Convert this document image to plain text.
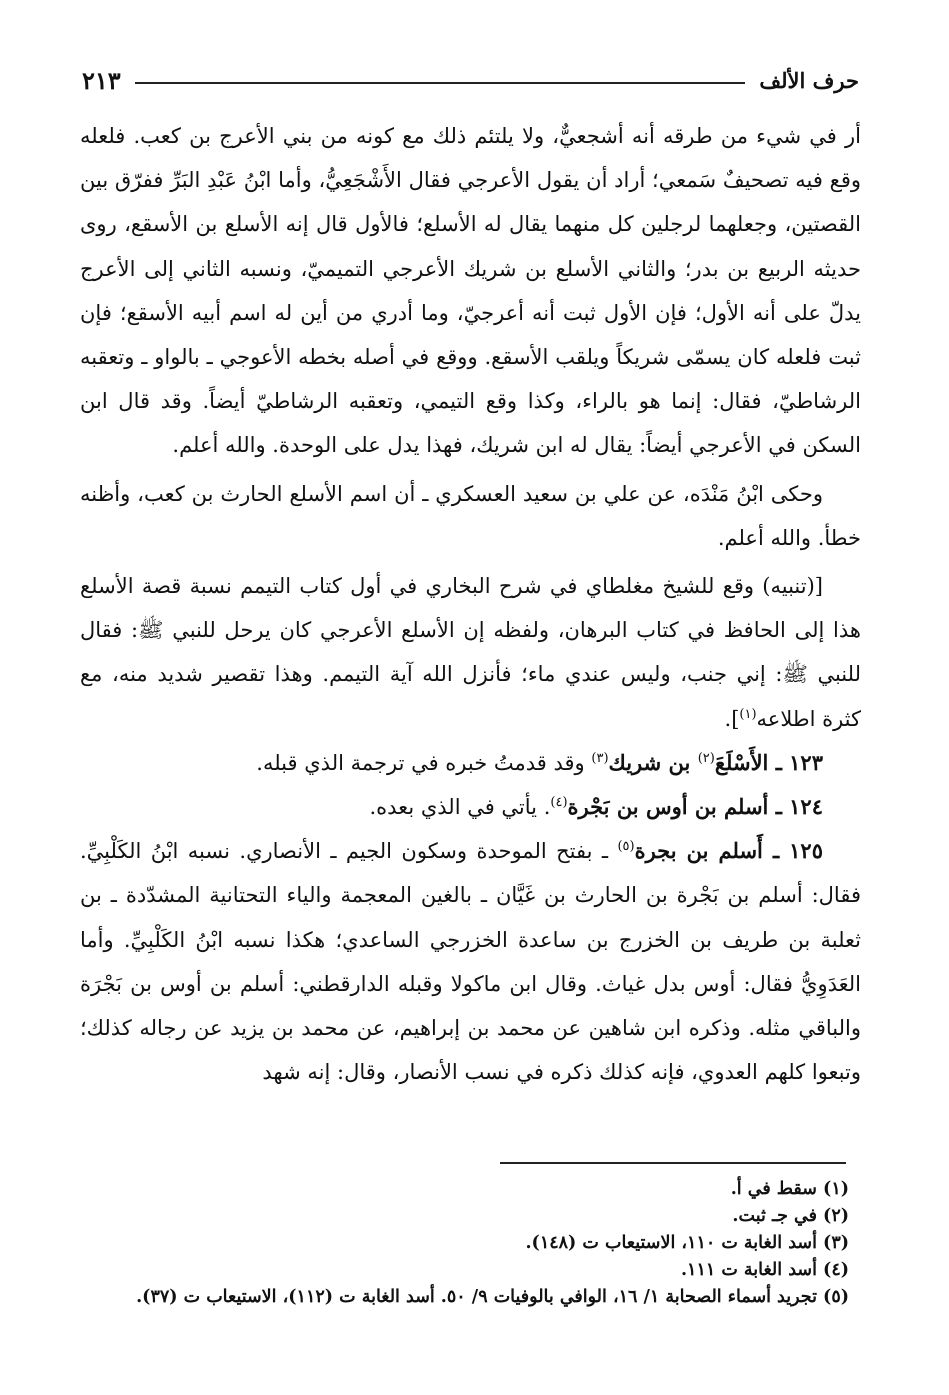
حرف الألف
٢١٣

أر في شيء من طرقه أنه أشجعيٌّ، ولا يلتئم ذلك مع كونه من بني الأعرج بن كعب. فلعله وقع فيه تصحيفٌ سَمعي؛ أراد أن يقول الأعرجي فقال الأَشْجَعِيُّ، وأما ابْنُ عَبْدِ البَرِّ ففرّق بين القصتين، وجعلهما لرجلين كل منهما يقال له الأسلع؛ فالأول قال إنه الأسلع بن الأسقع، روى حديثه الربيع بن بدر؛ والثاني الأسلع بن شريك الأعرجي التميميّ، ونسبه الثاني إلى الأعرج يدلّ على أنه الأول؛ فإن الأول ثبت أنه أعرجيّ، وما أدري من أين له اسم أبيه الأسقع؛ فإن ثبت فلعله كان يسمّى شريكاً ويلقب الأسقع. ووقع في أصله بخطه الأعوجي ـ بالواو ـ وتعقبه الرشاطيّ، فقال: إنما هو بالراء، وكذا وقع التيمي، وتعقبه الرشاطيّ أيضاً. وقد قال ابن السكن في الأعرجي أيضاً: يقال له ابن شريك، فهذا يدل على الوحدة. والله أعلم.

وحكى ابْنُ مَنْدَه، عن علي بن سعيد العسكري ـ أن اسم الأسلع الحارث بن كعب، وأظنه خطأ. والله أعلم.

[(تنبيه) وقع للشيخ مغلطاي في شرح البخاري في أول كتاب التيمم نسبة قصة الأسلع هذا إلى الحافظ في كتاب البرهان، ولفظه إن الأسلع الأعرجي كان يرحل للنبي ﷺ: فقال للنبي ﷺ: إني جنب، وليس عندي ماء؛ فأنزل الله آية التيمم. وهذا تقصير شديد منه، مع كثرة اطلاعه$^{(١)}$].

١٢٣ ـ الأَسْلَعَ$^{(٢)}$ بن شريك$^{(٣)}$ وقد قدمتُ خبره في ترجمة الذي قبله.

١٢٤ ـ أسلم بن أوس بن بَجْرة$^{(٤)}$. يأتي في الذي بعده.

١٢٥ ـ أَسلم بن بجرة$^{(٥)}$ ـ بفتح الموحدة وسكون الجيم ـ الأنصاري. نسبه ابْنُ الكَلْبِيِّ. فقال: أسلم بن بَجْرة بن الحارث بن غَيَّان ـ بالغين المعجمة والياء التحتانية المشدّدة ـ بن ثعلبة بن طريف بن الخزرج بن ساعدة الخزرجي الساعدي؛ هكذا نسبه ابْنُ الكَلْبِيِّ. وأما العَدَوِيُّ فقال: أوس بدل غياث. وقال ابن ماكولا وقبله الدارقطني: أسلم بن أوس بن بَجْرَة والباقي مثله. وذكره ابن شاهين عن محمد بن إبراهيم، عن محمد بن يزيد عن رجاله كذلك؛ وتبعوا كلهم العدوي، فإنه كذلك ذكره في نسب الأنصار، وقال: إنه شهد

(١) سقط في أ.
(٢) في جـ ثبت.
(٣) أسد الغابة ت ١١٠، الاستيعاب ت (١٤٨).
(٤) أسد الغابة ت ١١١.
(٥) تجريد أسماء الصحابة ١/ ١٦، الوافي بالوفيات ٩/ ٥٠. أسد الغابة ت (١١٢)، الاستيعاب ت (٣٧).
